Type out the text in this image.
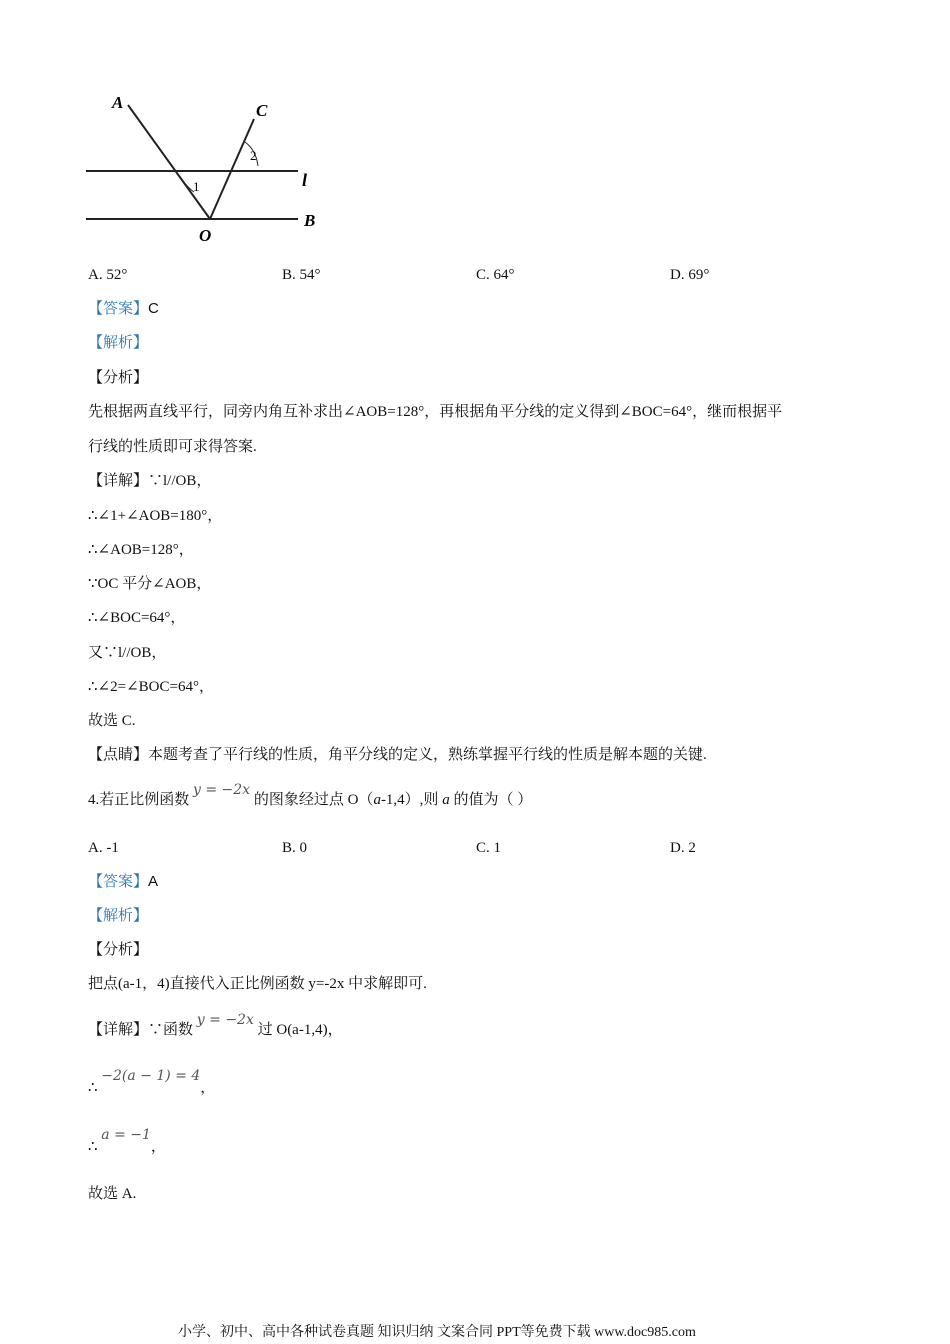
A	C
2
l
1
O
B
A. 52°	B. 54°	C. 64°	D. 69°
【答案】C
【解析】
【分析】
先根据两直线平行，同旁内角互补求出∠AOB=128°，再根据角平分线的定义得到∠BOC=64°，继而根据平
行线的性质即可求得答案.
【详解】∵l//OB，
∴∠1+∠AOB=180°，
∴∠AOB=128°，
∵OC 平分∠AOB，
∴∠BOC=64°，
又∵l//OB，
∴∠2=∠BOC=64°，
故选 C.
【点睛】本题考查了平行线的性质，角平分线的定义，熟练掌握平行线的性质是解本题的关键.
4.若正比例函数 y = −2x 的图象经过点 O（a-1,4）,则 a 的值为（ ）
A. -1	B. 0	C. 1	D. 2
【答案】A
【解析】
【分析】
把点(a-1，4)直接代入正比例函数 y=-2x 中求解即可.
【详解】∵函数 y = −2x 过 O(a-1,4)，
∴ −2(a − 1) = 4，
∴ a = −1，
故选 A.
小学、初中、高中各种试卷真题 知识归纳 文案合同 PPT等免费下载 www.doc985.com
